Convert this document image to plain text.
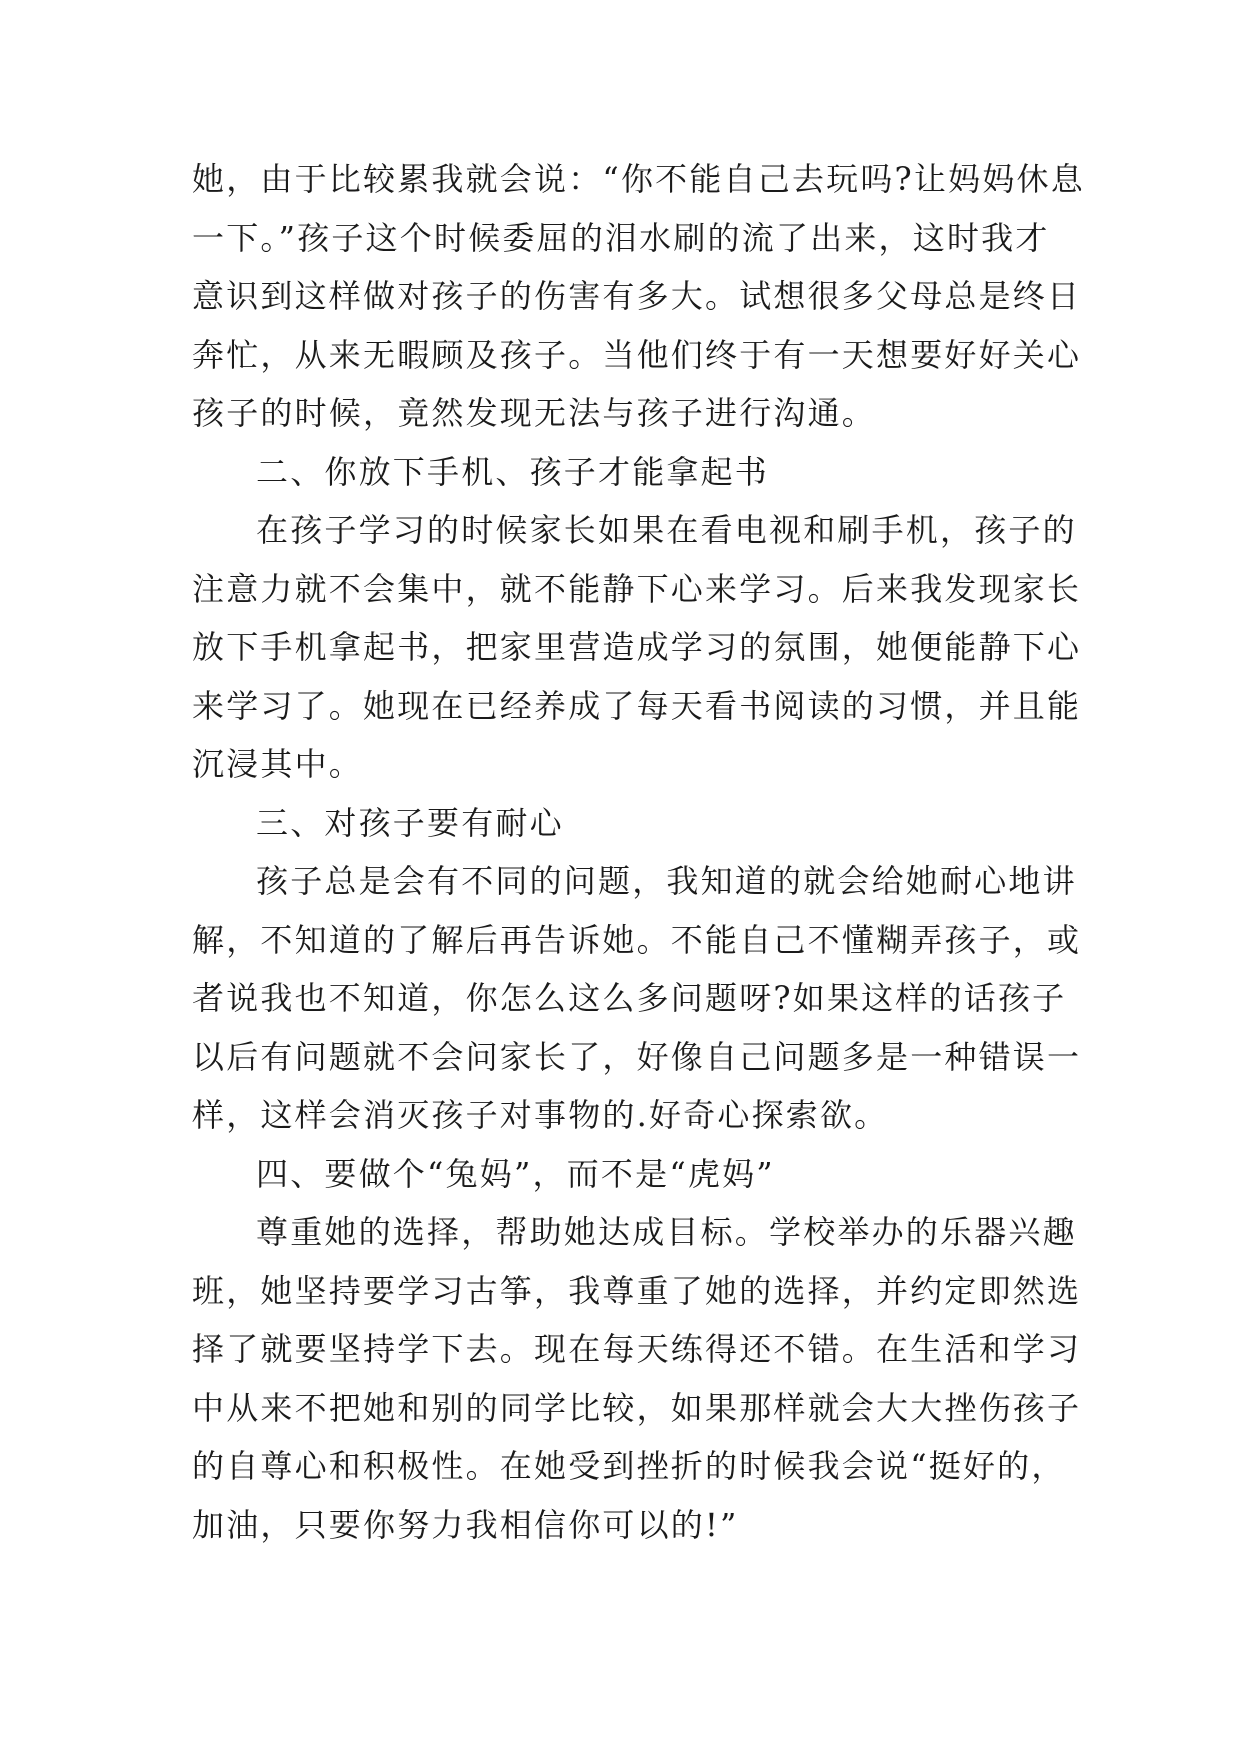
她，由于比较累我就会说：“你不能自己去玩吗?让妈妈休息
一下。”孩子这个时候委屈的泪水刷的流了出来，这时我才
意识到这样做对孩子的伤害有多大。试想很多父母总是终日
奔忙，从来无暇顾及孩子。当他们终于有一天想要好好关心
孩子的时候，竟然发现无法与孩子进行沟通。
二、你放下手机、孩子才能拿起书
在孩子学习的时候家长如果在看电视和刷手机，孩子的
注意力就不会集中，就不能静下心来学习。后来我发现家长
放下手机拿起书，把家里营造成学习的氛围，她便能静下心
来学习了。她现在已经养成了每天看书阅读的习惯，并且能
沉浸其中。
三、对孩子要有耐心
孩子总是会有不同的问题，我知道的就会给她耐心地讲
解，不知道的了解后再告诉她。不能自己不懂糊弄孩子，或
者说我也不知道，你怎么这么多问题呀?如果这样的话孩子
以后有问题就不会问家长了，好像自己问题多是一种错误一
样，这样会消灭孩子对事物的.好奇心探索欲。
四、要做个“兔妈”，而不是“虎妈”
尊重她的选择，帮助她达成目标。学校举办的乐器兴趣
班，她坚持要学习古筝，我尊重了她的选择，并约定即然选
择了就要坚持学下去。现在每天练得还不错。在生活和学习
中从来不把她和别的同学比较，如果那样就会大大挫伤孩子
的自尊心和积极性。在她受到挫折的时候我会说“挺好的，
加油，只要你努力我相信你可以的!”
